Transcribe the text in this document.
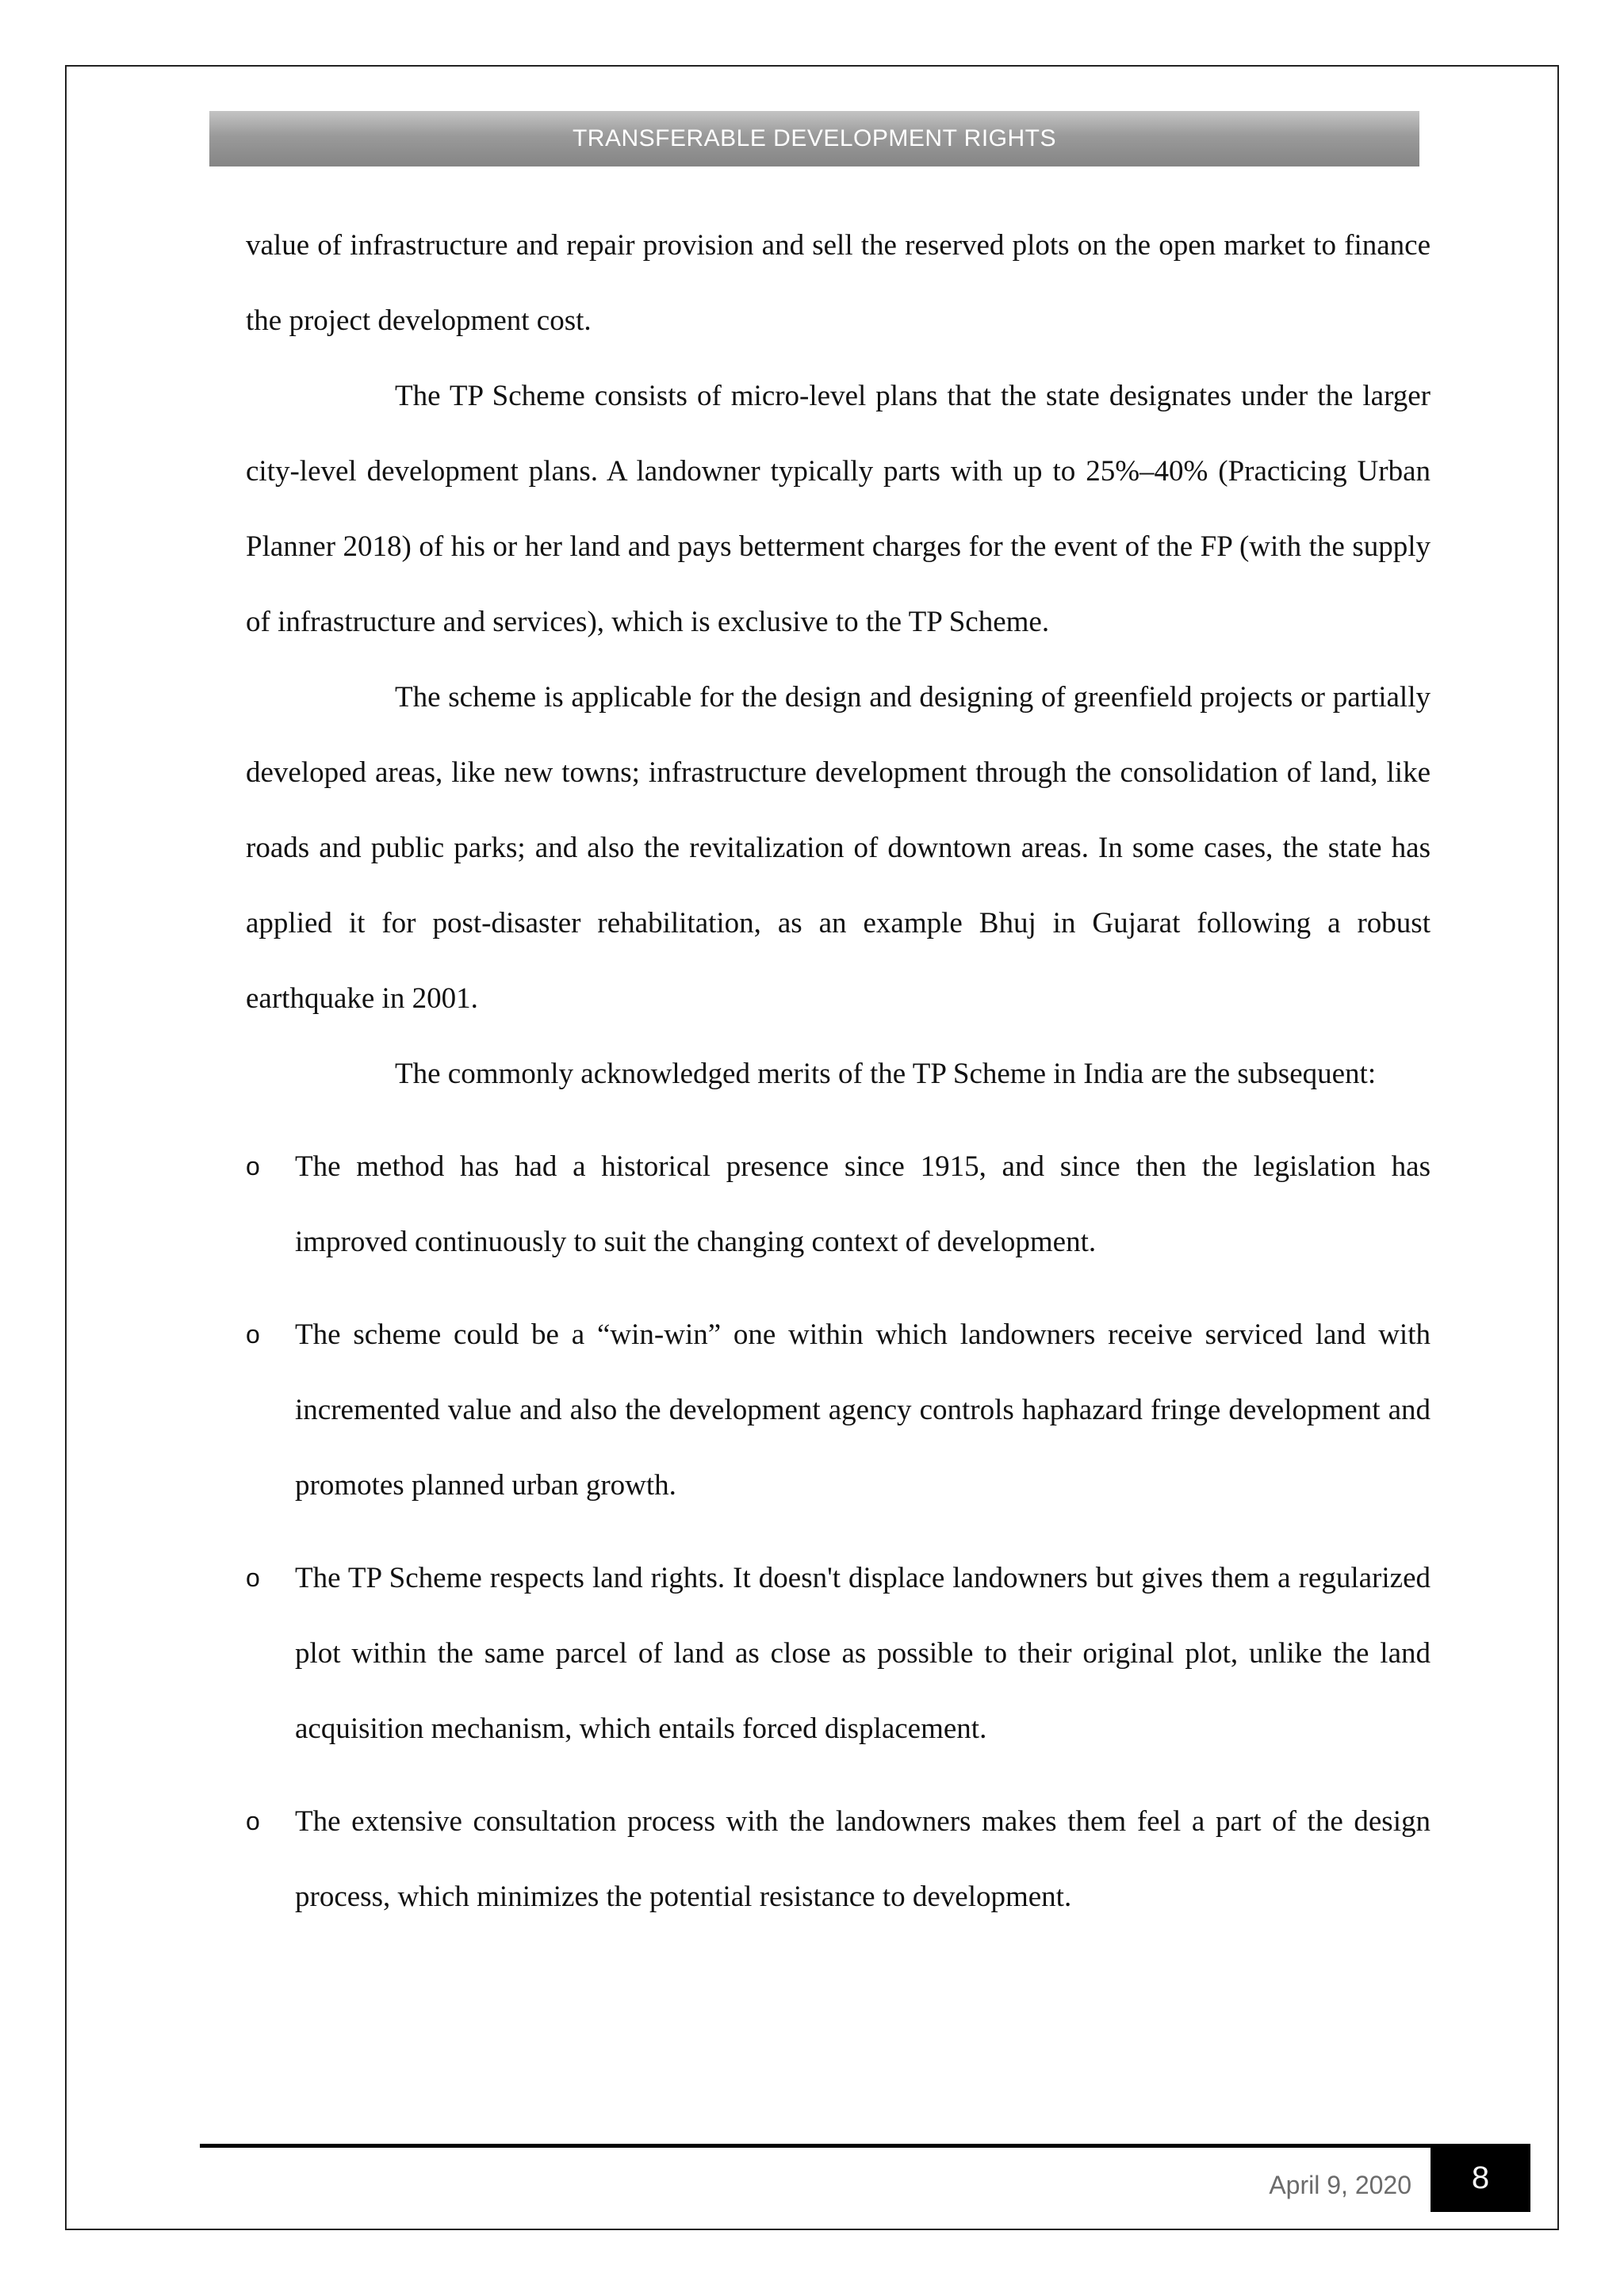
TRANSFERABLE DEVELOPMENT RIGHTS

value of infrastructure and repair provision and sell the reserved plots on the open market to finance the project development cost.

The TP Scheme consists of micro-level plans that the state designates under the larger city-level development plans. A landowner typically parts with up to 25%–40% (Practicing Urban Planner 2018) of his or her land and pays betterment charges for the event of the FP (with the supply of infrastructure and services), which is exclusive to the TP Scheme.

The scheme is applicable for the design and designing of greenfield projects or partially developed areas, like new towns; infrastructure development through the consolidation of land, like roads and public parks; and also the revitalization of downtown areas. In some cases, the state has applied it for post-disaster rehabilitation, as an example Bhuj in Gujarat following a robust earthquake in 2001.

The commonly acknowledged merits of the TP Scheme in India are the subsequent:

o The method has had a historical presence since 1915, and since then the legislation has improved continuously to suit the changing context of development.
o The scheme could be a “win-win” one within which landowners receive serviced land with incremented value and also the development agency controls haphazard fringe development and promotes planned urban growth.
o The TP Scheme respects land rights. It doesn't displace landowners but gives them a regularized plot within the same parcel of land as close as possible to their original plot, unlike the land acquisition mechanism, which entails forced displacement.
o The extensive consultation process with the landowners makes them feel a part of the design process, which minimizes the potential resistance to development.
April 9, 2020 8
